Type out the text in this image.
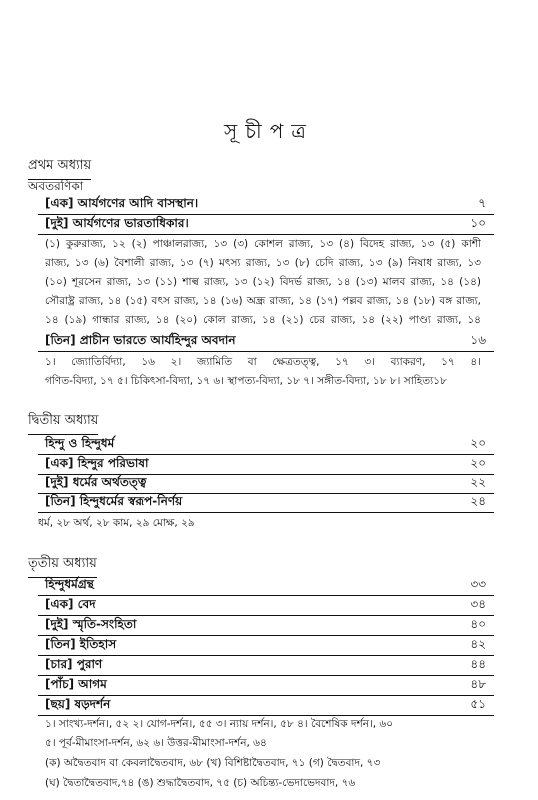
সূচীপত্র
প্রথম অধ্যায়
অবতরণিকা
[এক] আর্যগণের আদি বাসস্থান।	৭
[দুই] আর্যগণের ভারতাধিকার।	১০
(১) কুরুরাজ্য, ১২ (২) পাঞ্চালরাজ্য, ১৩ (৩) কোশল রাজ্য, ১৩ (৪) বিদেহ রাজ্য, ১৩ (৫) কাশী
রাজ্য, ১৩ (৬) বৈশালী রাজ্য, ১৩ (৭) মৎস্য রাজ্য, ১৩ (৮) চেদি রাজ্য, ১৩ (৯) নিষাধ রাজ্য, ১৩
(১০) শূরসেন রাজ্য, ১৩ (১১) শাল্ব রাজ্য, ১৩ (১২) বিদর্ভ রাজ্য, ১৪ (১৩) মালব রাজ্য, ১৪ (১৪)
সৌরাষ্ট্র রাজ্য, ১৪ (১৫) বৎস রাজ্য, ১৪ (১৬) অন্ধ্র রাজ্য, ১৪ (১৭) পল্লব রাজ্য, ১৪ (১৮) বঙ্গ রাজ্য,
১৪ (১৯) গান্ধার রাজ্য, ১৪ (২০) কোল রাজ্য, ১৪ (২১) চের রাজ্য, ১৪ (২২) পাণ্ড্য রাজ্য, ১৪
[তিন] প্রাচীন ভারতে আর্যহিন্দুর অবদান	১৬
১। জ্যোতির্বিদ্যা, ১৬ ২। জ্যামিতি বা ক্ষেত্রতত্ত্ব, ১৭ ৩। ব্যাকরণ, ১৭ ৪।
গণিত-বিদ্যা, ১৭ ৫। চিকিৎসা-বিদ্যা, ১৭ ৬। স্থাপত্য-বিদ্যা, ১৮ ৭। সঙ্গীত-বিদ্যা, ১৮ ৮। সাহিত্য১৮
দ্বিতীয় অধ্যায়
হিন্দু ও হিন্দুধর্ম	২০
[এক] হিন্দুর পরিভাষা	২০
[দুই] ধর্মের অর্থতত্ত্ব	২২
[তিন] হিন্দুধর্মের স্বরূপ-নির্ণয়	২৪
ধর্ম, ২৮ অর্থ, ২৮ কাম, ২৯ মোক্ষ, ২৯
তৃতীয় অধ্যায়
হিন্দুধর্মগ্রন্থ	৩৩
[এক] বেদ	৩৪
[দুই] স্মৃতি-সংহিতা	৪০
[তিন] ইতিহাস	৪২
[চার] পুরাণ	৪৪
[পাঁচ] আগম	৪৮
[ছয়] ষড়দর্শন	৫১
১। সাংখ্য-দর্শন।, ৫২ ২। যোগ-দর্শন।, ৫৫ ৩। ন্যায় দর্শন।, ৫৮ ৪। বৈশেষিক দর্শন।, ৬০
৫। পূর্ব-মীমাংসা-দর্শন, ৬২ ৬। উত্তর-মীমাংসা-দর্শন, ৬৪
(ক) অদ্বৈতবাদ বা কেবলাদ্বৈতবাদ, ৬৮ (খ) বিশিষ্টাদ্বৈতবাদ, ৭১ (গ) দ্বৈতবাদ, ৭৩
(ঘ) দ্বৈতাদ্বৈতবাদ,৭৪ (ঙ) শুদ্ধাদ্বৈতবাদ, ৭৫ (চ) অচিন্ত্য-ভেদাভেদবাদ, ৭৬
